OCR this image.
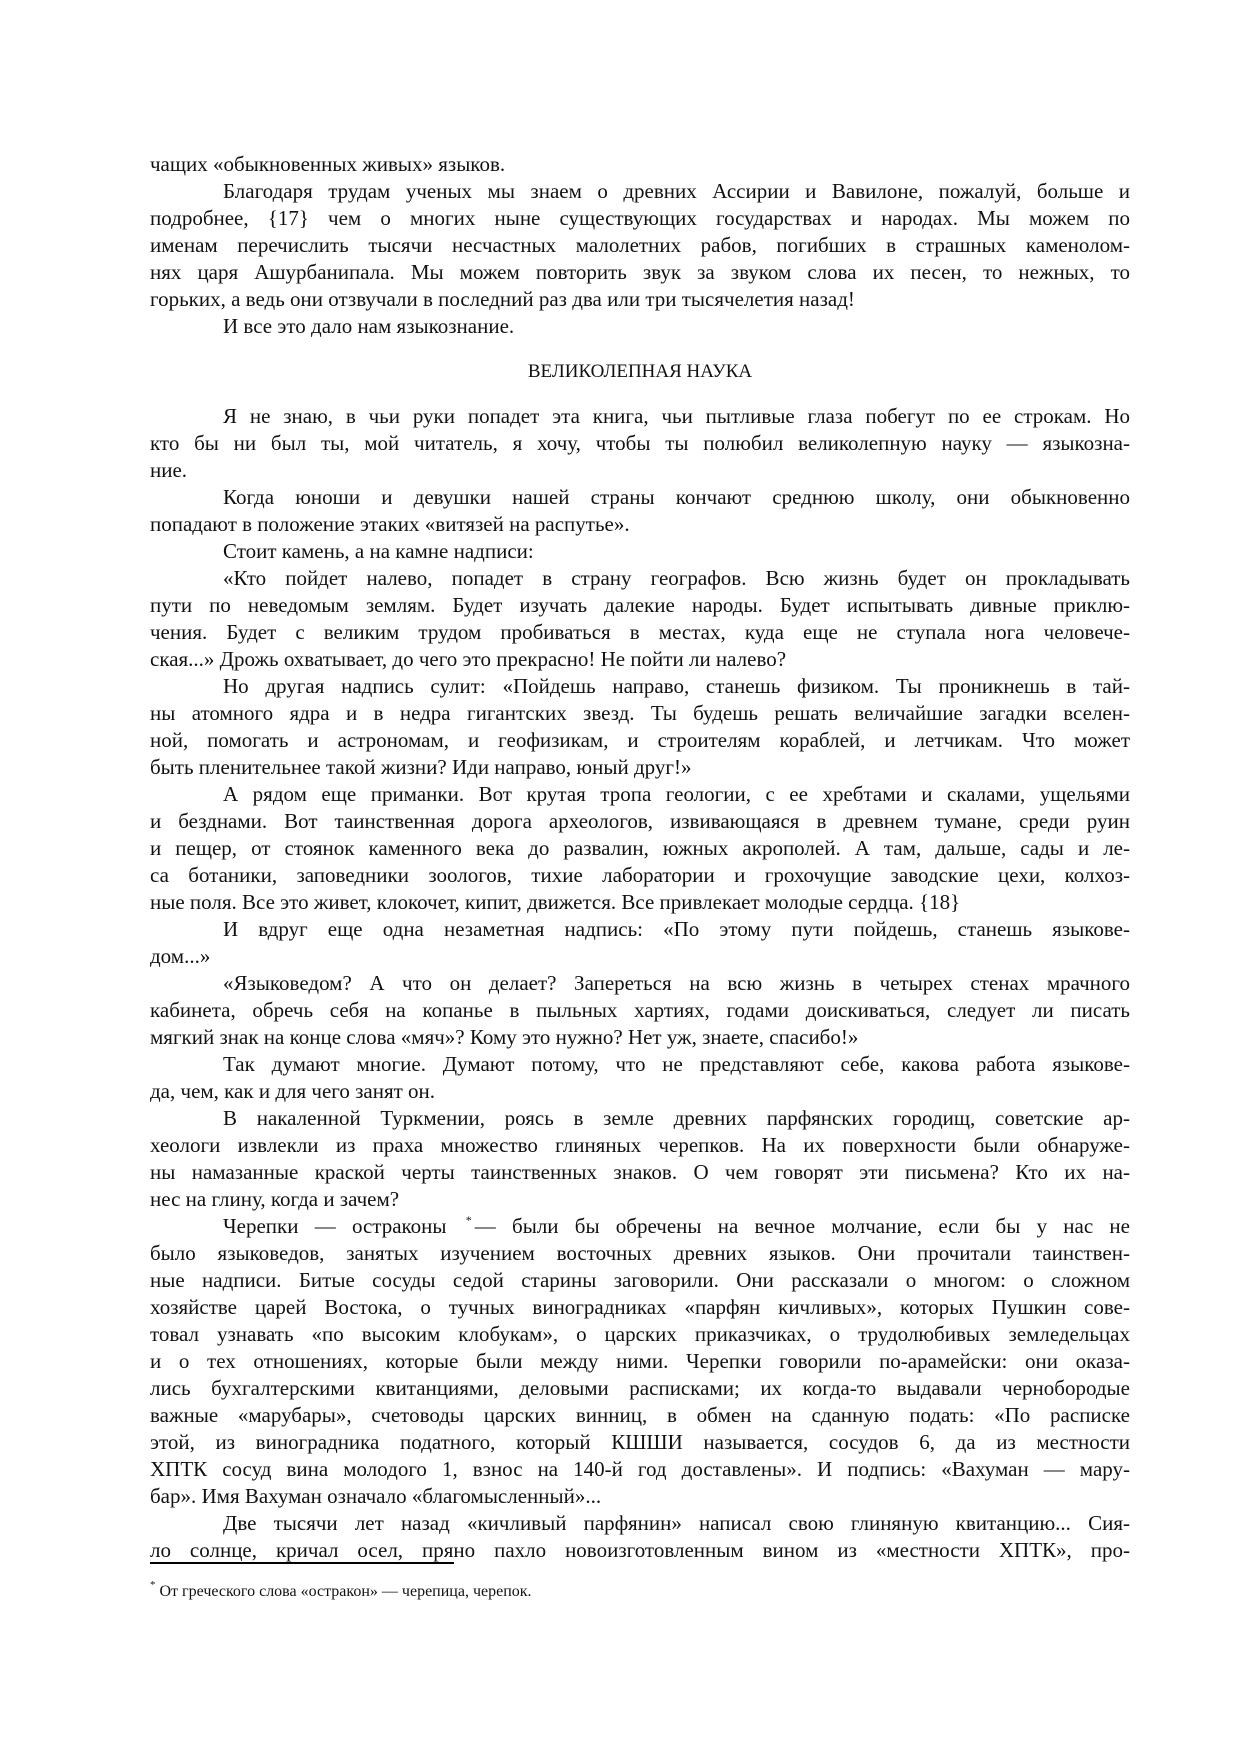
чащих «обыкновенных живых» языков.
Благодаря трудам ученых мы знаем о древних Ассирии и Вавилоне, пожалуй, больше и
подробнее, {17} чем о многих ныне существующих государствах и народах. Мы можем по
именам перечислить тысячи несчастных малолетних рабов, погибших в страшных каменолом-
нях царя Ашурбанипала. Мы можем повторить звук за звуком слова их песен, то нежных, то
горьких, а ведь они отзвучали в последний раз два или три тысячелетия назад!
И все это дало нам языкознание.
ВЕЛИКОЛЕПНАЯ НАУКА
Я не знаю, в чьи руки попадет эта книга, чьи пытливые глаза побегут по ее строкам. Но
кто бы ни был ты, мой читатель, я хочу, чтобы ты полюбил великолепную науку — языкозна-
ние.
Когда юноши и девушки нашей страны кончают среднюю школу, они обыкновенно
попадают в положение этаких «витязей на распутье».
Стоит камень, а на камне надписи:
«Кто пойдет налево, попадет в страну географов. Всю жизнь будет он прокладывать
пути по неведомым землям. Будет изучать далекие народы. Будет испытывать дивные приклю-
чения. Будет с великим трудом пробиваться в местах, куда еще не ступала нога человече-
ская...» Дрожь охватывает, до чего это прекрасно! Не пойти ли налево?
Но другая надпись сулит: «Пойдешь направо, станешь физиком. Ты проникнешь в тай-
ны атомного ядра и в недра гигантских звезд. Ты будешь решать величайшие загадки вселен-
ной, помогать и астрономам, и геофизикам, и строителям кораблей, и летчикам. Что может
быть пленительнее такой жизни? Иди направо, юный друг!»
А рядом еще приманки. Вот крутая тропа геологии, с ее хребтами и скалами, ущельями
и безднами. Вот таинственная дорога археологов, извивающаяся в древнем тумане, среди руин
и пещер, от стоянок каменного века до развалин, южных акрополей. А там, дальше, сады и ле-
са ботаники, заповедники зоологов, тихие лаборатории и грохочущие заводские цехи, колхоз-
ные поля. Все это живет, клокочет, кипит, движется. Все привлекает молодые сердца. {18}
И вдруг еще одна незаметная надпись: «По этому пути пойдешь, станешь языкове-
дом...»
«Языковедом? А что он делает? Запереться на всю жизнь в четырех стенах мрачного
кабинета, обречь себя на копанье в пыльных хартиях, годами доискиваться, следует ли писать
мягкий знак на конце слова «мяч»? Кому это нужно? Нет уж, знаете, спасибо!»
Так думают многие. Думают потому, что не представляют себе, какова работа языкове-
да, чем, как и для чего занят он.
В накаленной Туркмении, роясь в земле древних парфянских городищ, советские ар-
хеологи извлекли из праха множество глиняных черепков. На их поверхности были обнаруже-
ны намазанные краской черты таинственных знаков. О чем говорят эти письмена? Кто их на-
нес на глину, когда и зачем?
Черепки — остраконы * — были бы обречены на вечное молчание, если бы у нас не
было языковедов, занятых изучением восточных древних языков. Они прочитали таинствен-
ные надписи. Битые сосуды седой старины заговорили. Они рассказали о многом: о сложном
хозяйстве царей Востока, о тучных виноградниках «парфян кичливых», которых Пушкин сове-
товал узнавать «по высоким клобукам», о царских приказчиках, о трудолюбивых земледельцах
и о тех отношениях, которые были между ними. Черепки говорили по-арамейски: они оказа-
лись бухгалтерскими квитанциями, деловыми расписками; их когда-то выдавали чернобородые
важные «марубары», счетоводы царских винниц, в обмен на сданную подать: «По расписке
этой, из виноградника податного, который КШШИ называется, сосудов 6, да из местности
ХПТК сосуд вина молодого 1, взнос на 140-й год доставлены». И подпись: «Вахуман — мару-
бар». Имя Вахуман означало «благомысленный»...
Две тысячи лет назад «кичливый парфянин» написал свою глиняную квитанцию... Сия-
ло солнце, кричал осел, пряно пахло новоизготовленным вином из «местности ХПТК», про-
* От греческого слова «остракон» — черепица, черепок.
